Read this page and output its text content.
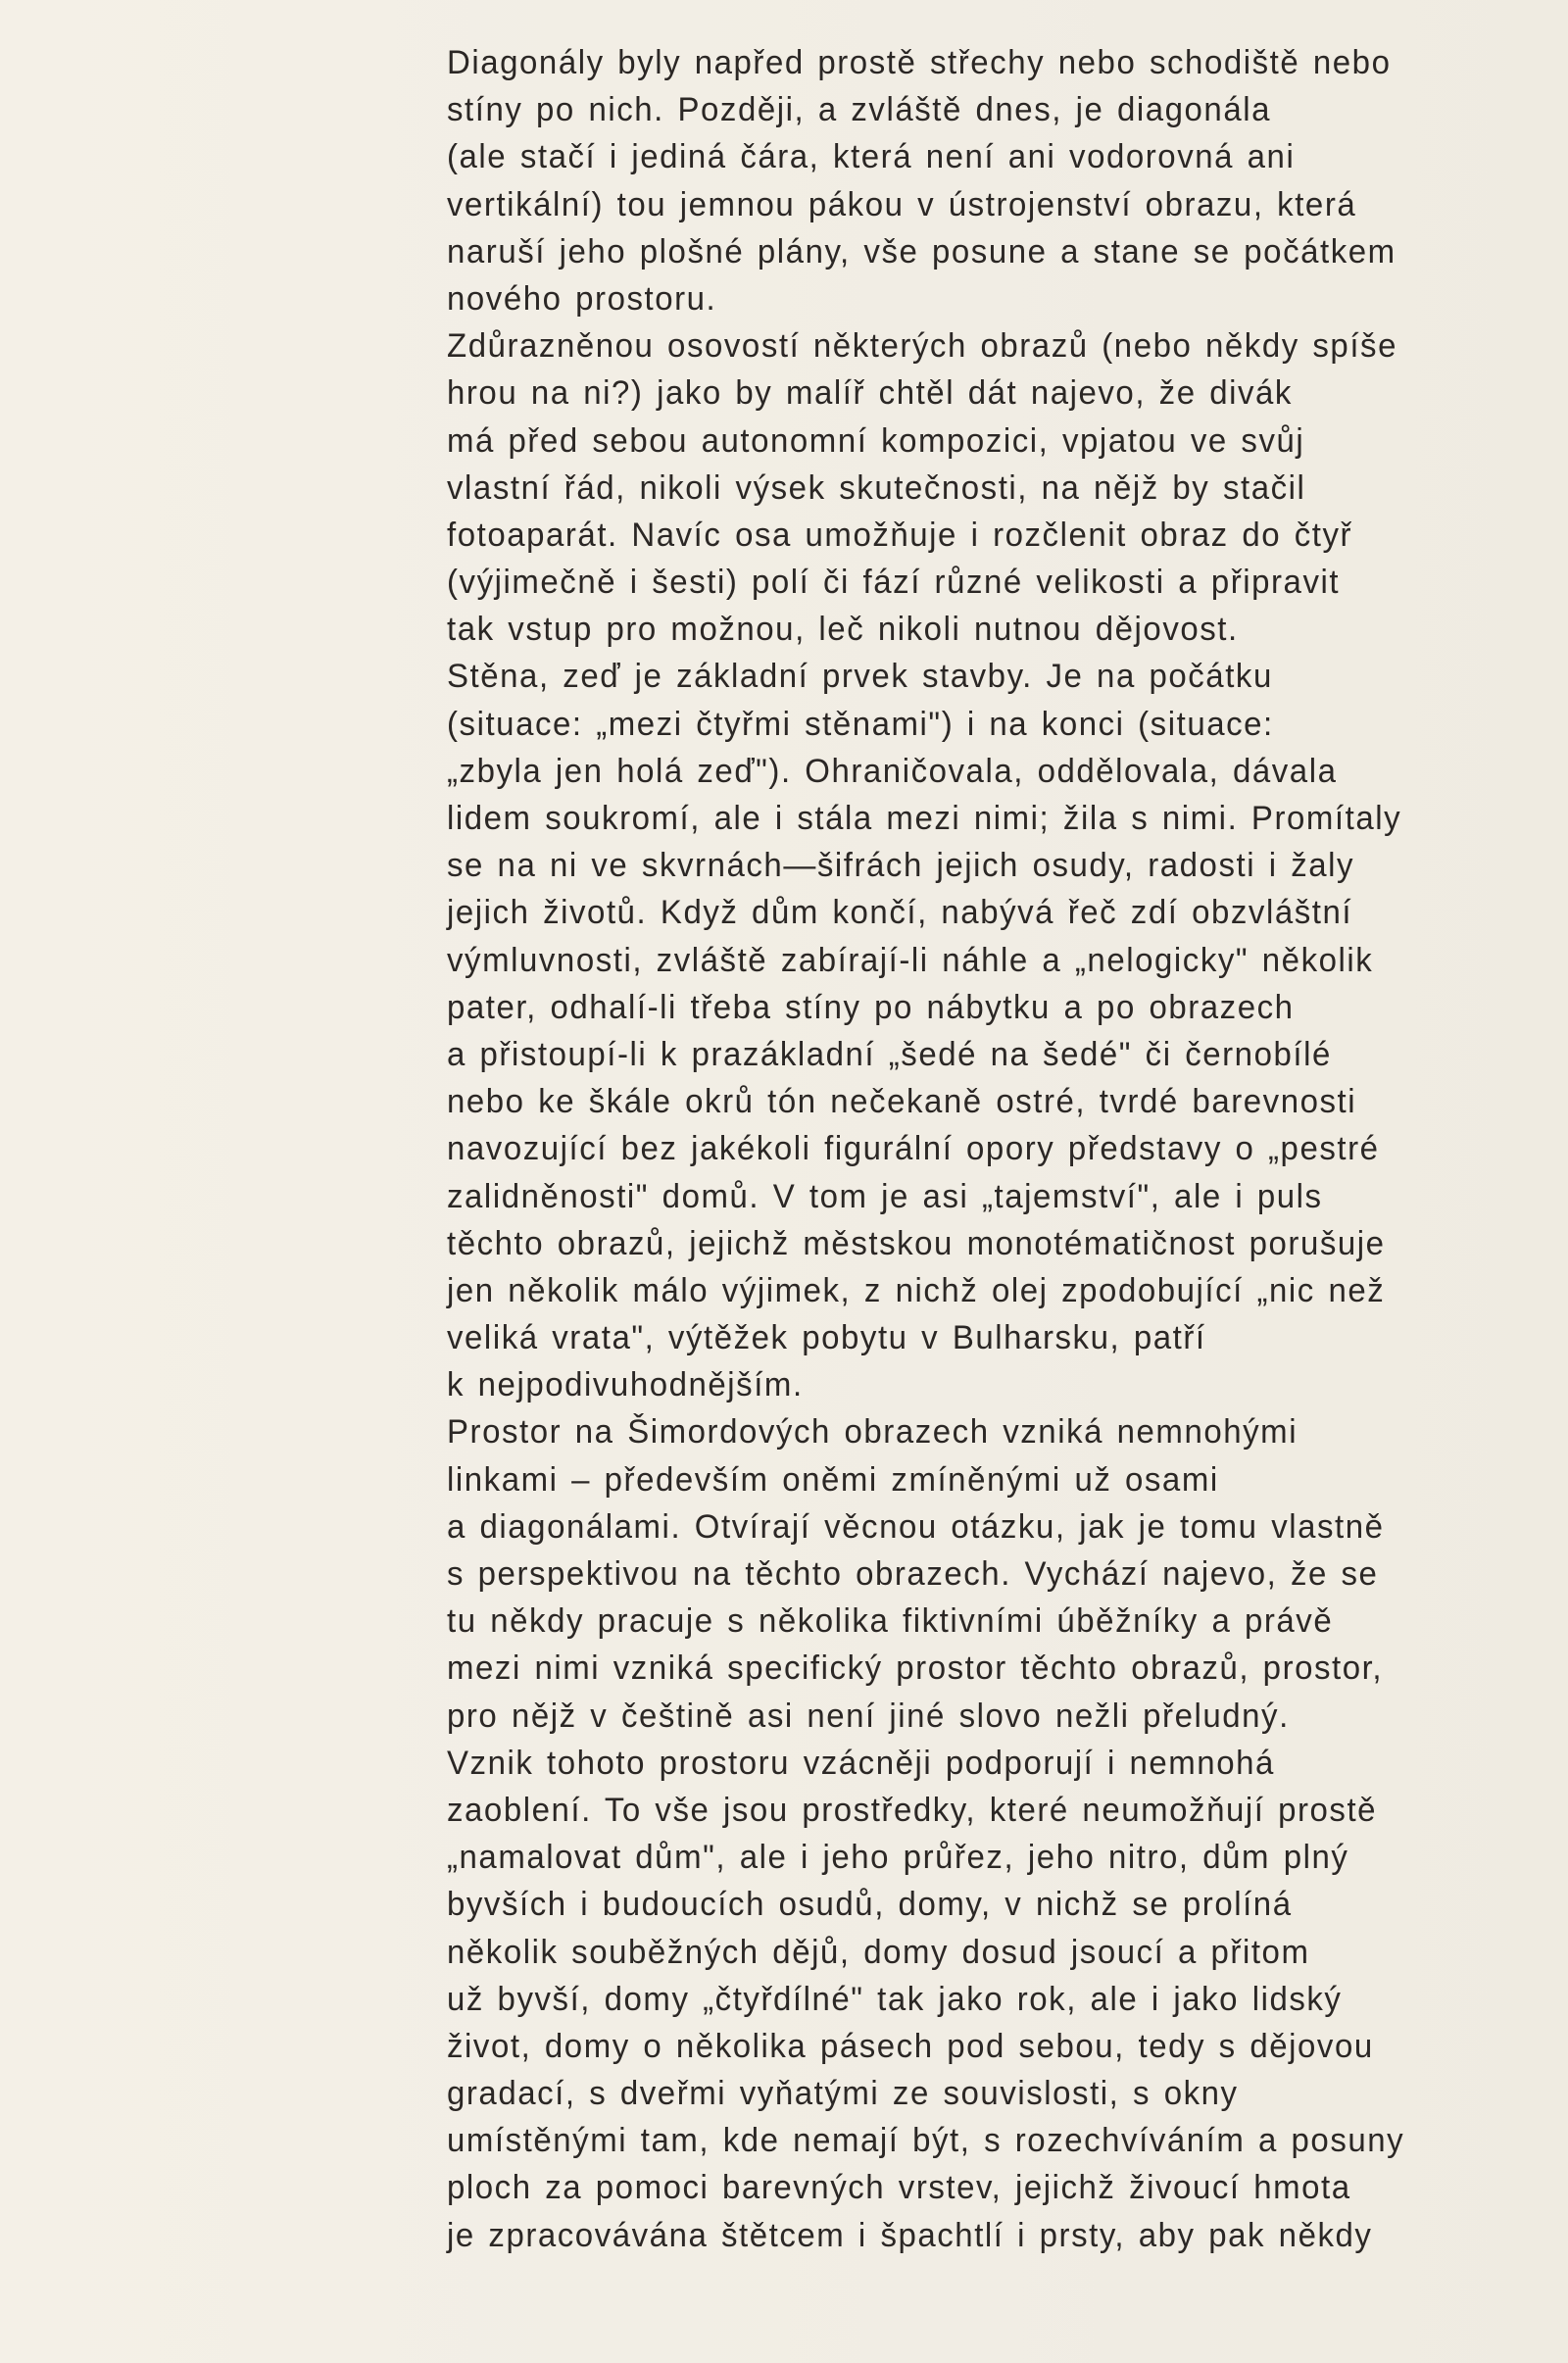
Diagonály byly napřed prostě střechy nebo schodiště nebo
stíny po nich. Později, a zvláště dnes, je diagonála
(ale stačí i jediná čára, která není ani vodorovná ani
vertikální) tou jemnou pákou v ústrojenství obrazu, která
naruší jeho plošné plány, vše posune a stane se počátkem
nového prostoru.
Zdůrazněnou osovostí některých obrazů (nebo někdy spíše
hrou na ni?) jako by malíř chtěl dát najevo, že divák
má před sebou autonomní kompozici, vpjatou ve svůj
vlastní řád, nikoli výsek skutečnosti, na nějž by stačil
fotoaparát. Navíc osa umožňuje i rozčlenit obraz do čtyř
(výjimečně i šesti) polí či fází různé velikosti a připravit
tak vstup pro možnou, leč nikoli nutnou dějovost.
Stěna, zeď je základní prvek stavby. Je na počátku
(situace: „mezi čtyřmi stěnami") i na konci (situace:
„zbyla jen holá zeď"). Ohraničovala, oddělovala, dávala
lidem soukromí, ale i stála mezi nimi; žila s nimi. Promítaly
se na ni ve skvrnách—šifrách jejich osudy, radosti i žaly
jejich životů. Když dům končí, nabývá řeč zdí obzvláštní
výmluvnosti, zvláště zabírají-li náhle a „nelogicky" několik
pater, odhalí-li třeba stíny po nábytku a po obrazech
a přistoupí-li k prazákladní „šedé na šedé" či černobílé
nebo ke škále okrů tón nečekaně ostré, tvrdé barevnosti
navozující bez jakékoli figurální opory představy o „pestré
zalidněnosti" domů. V tom je asi „tajemství", ale i puls
těchto obrazů, jejichž městskou monotématičnost porušuje
jen několik málo výjimek, z nichž olej zpodobující „nic než
veliká vrata", výtěžek pobytu v Bulharsku, patří
k nejpodivuhodnějším.
Prostor na Šimordových obrazech vzniká nemnohými
linkami – především oněmi zmíněnými už osami
a diagonálami. Otvírají věcnou otázku, jak je tomu vlastně
s perspektivou na těchto obrazech. Vychází najevo, že se
tu někdy pracuje s několika fiktivními úběžníky a právě
mezi nimi vzniká specifický prostor těchto obrazů, prostor,
pro nějž v češtině asi není jiné slovo nežli přeludný.
Vznik tohoto prostoru vzácněji podporují i nemnohá
zaoblení. To vše jsou prostředky, které neumožňují prostě
„namalovat dům", ale i jeho průřez, jeho nitro, dům plný
byvších i budoucích osudů, domy, v nichž se prolíná
několik souběžných dějů, domy dosud jsoucí a přitom
už byvší, domy „čtyřdílné" tak jako rok, ale i jako lidský
život, domy o několika pásech pod sebou, tedy s dějovou
gradací, s dveřmi vyňatými ze souvislosti, s okny
umístěnými tam, kde nemají být, s rozechvíváním a posuny
ploch za pomoci barevných vrstev, jejichž živoucí hmota
je zpracovávána štětcem i špachtlí i prsty, aby pak někdy
